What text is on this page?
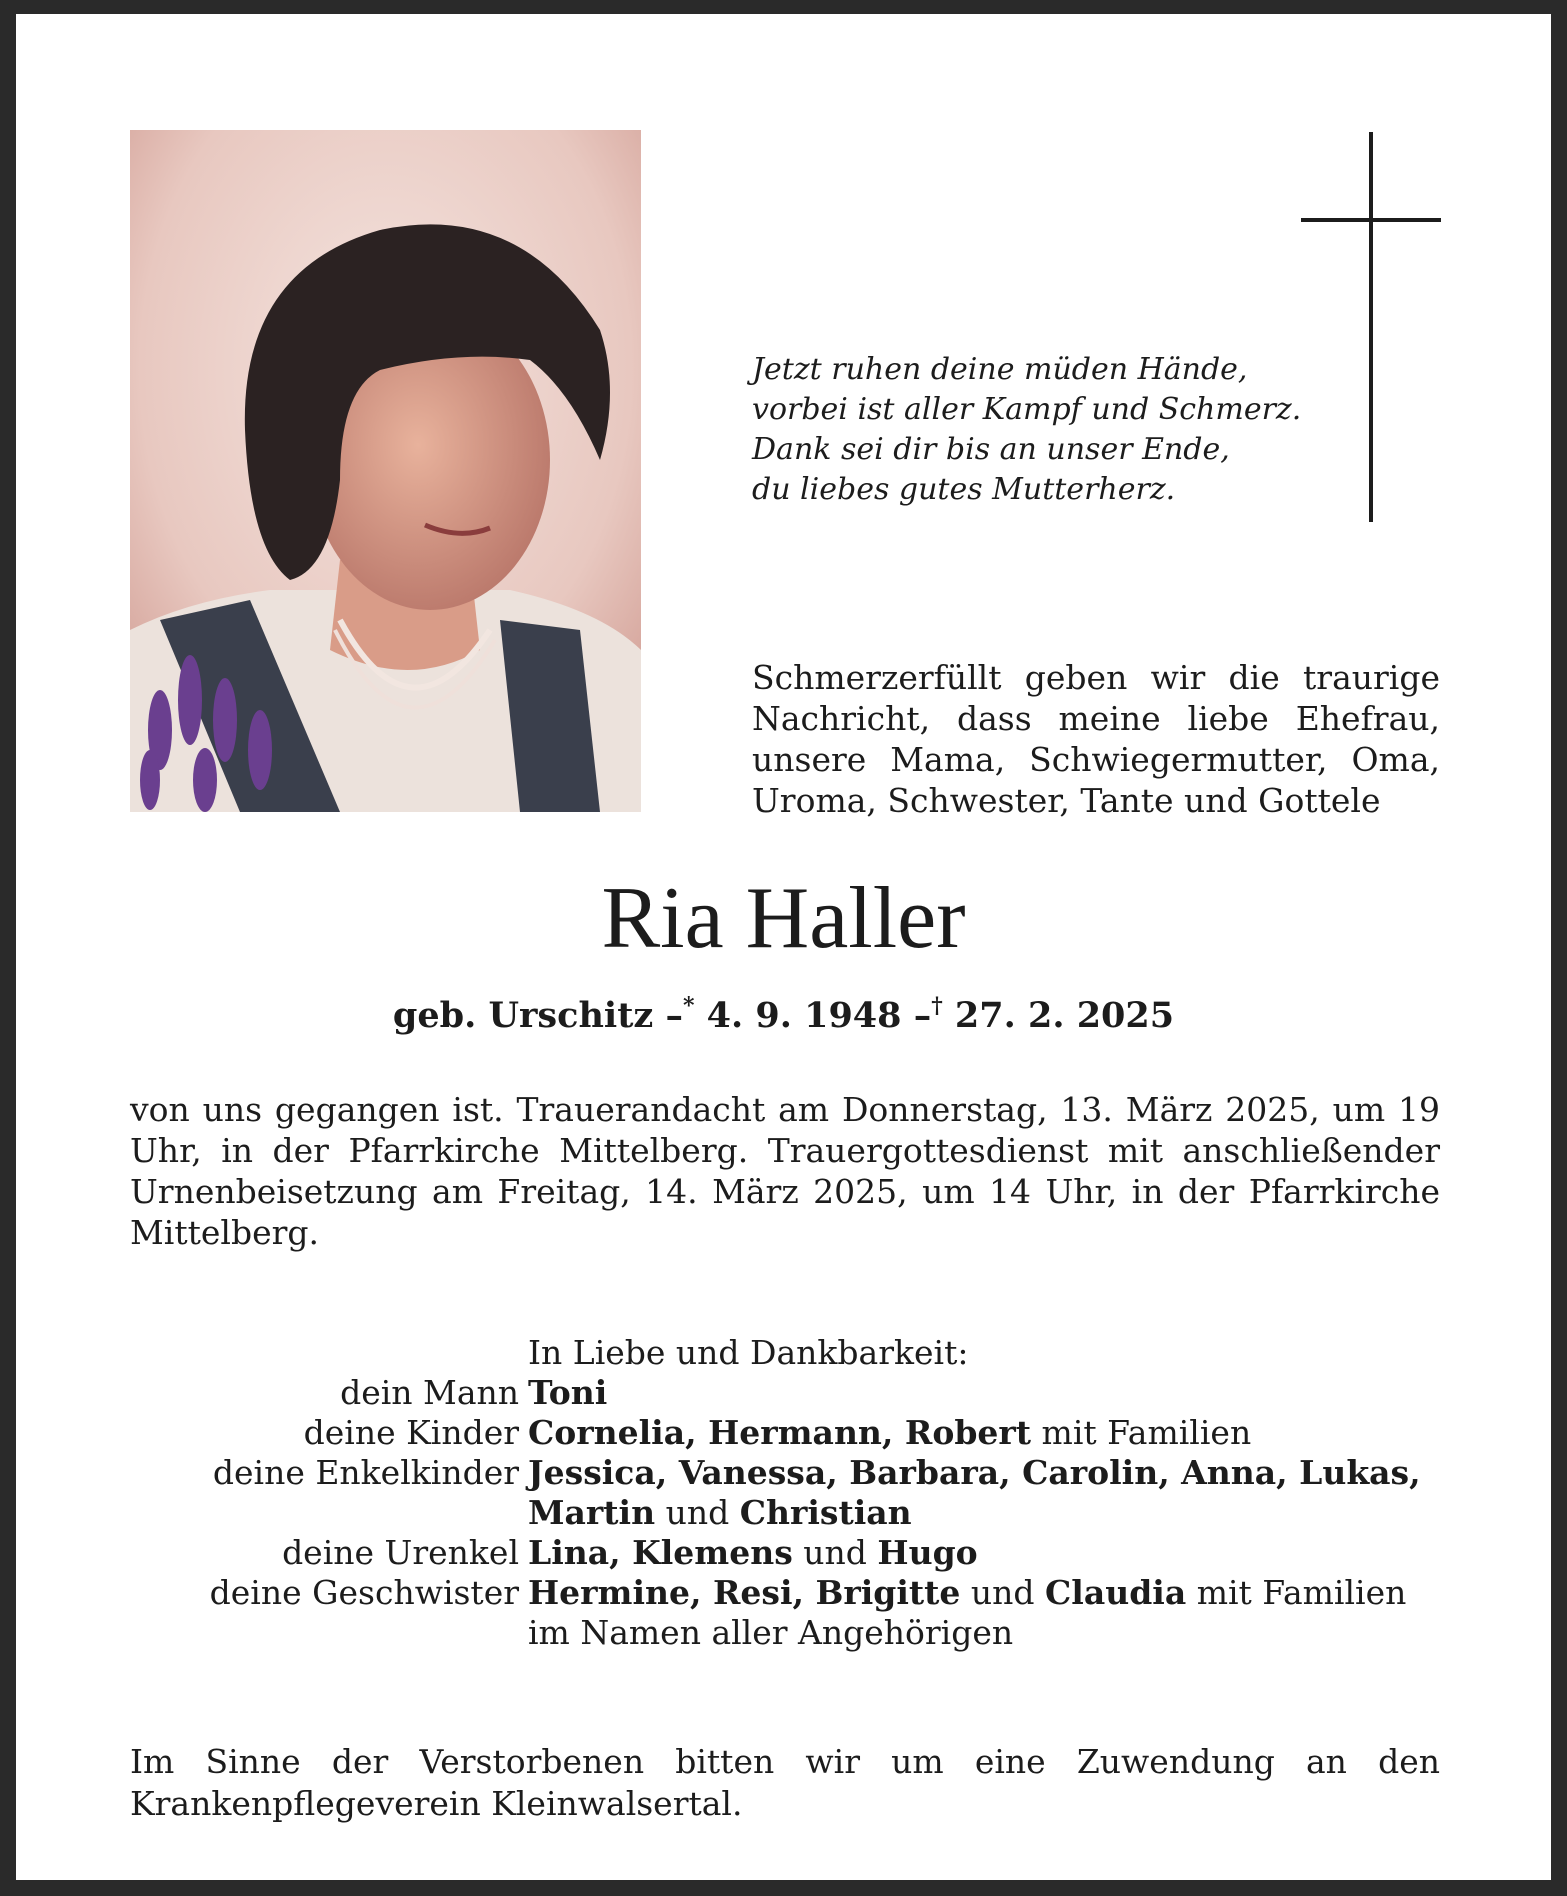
Jetzt ruhen deine müden Hände,
vorbei ist aller Kampf und Schmerz.
Dank sei dir bis an unser Ende,
du liebes gutes Mutterherz.
Schmerzerfüllt geben wir die traurige Nachricht, dass meine liebe Ehefrau, unsere Mama, Schwiegermutter, Oma, Uroma, Schwester, Tante und Gottele
Ria Haller
geb. Urschitz –* 4. 9. 1948 –† 27. 2. 2025
von uns gegangen ist. Trauerandacht am Donnerstag, 13. März 2025, um 19 Uhr, in der Pfarrkirche Mittelberg. Trauergottesdienst mit anschließender Urnenbeisetzung am Freitag, 14. März 2025, um 14 Uhr, in der Pfarrkirche Mittelberg.
In Liebe und Dankbarkeit:
dein Mann Toni
deine Kinder Cornelia, Hermann, Robert mit Familien
deine Enkelkinder Jessica, Vanessa, Barbara, Carolin, Anna, Lukas,
Martin und Christian
deine Urenkel Lina, Klemens und Hugo
deine Geschwister Hermine, Resi, Brigitte und Claudia mit Familien
im Namen aller Angehörigen
Im Sinne der Verstorbenen bitten wir um eine Zuwendung an den Krankenpflegeverein Kleinwalsertal.
